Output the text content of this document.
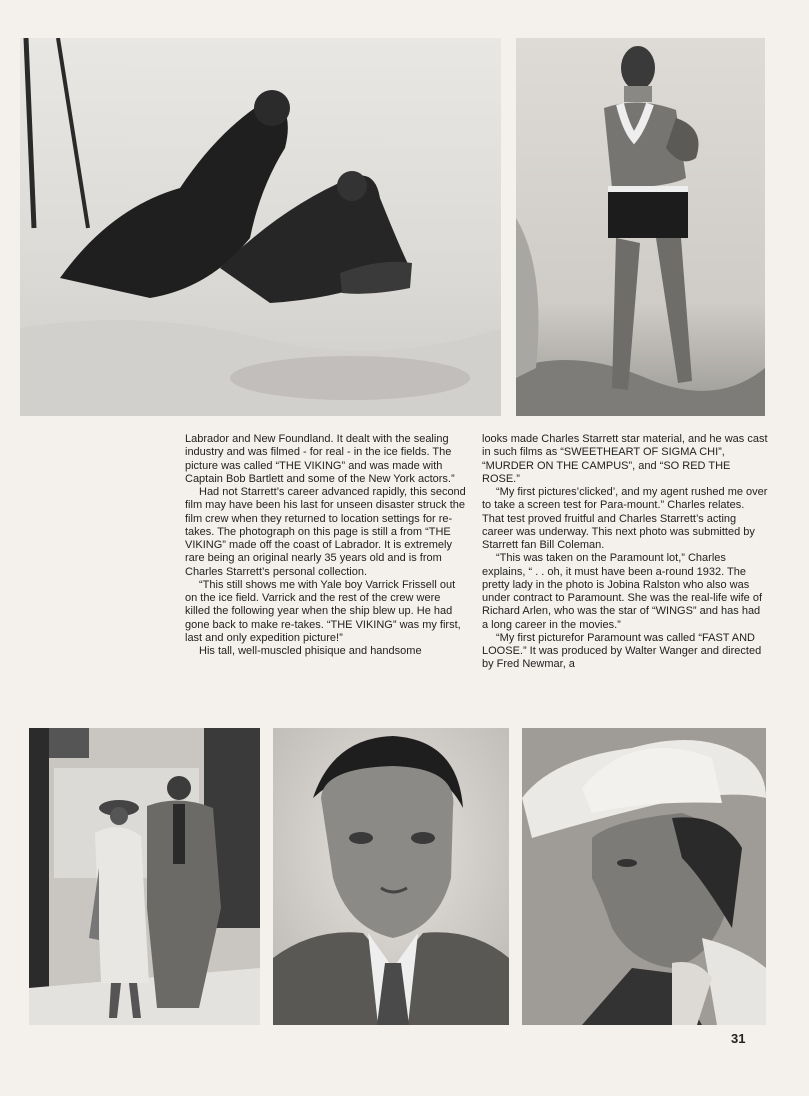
Labrador and New Foundland. It dealt with the sealing industry and was filmed - for real - in the ice fields. The picture was called “THE VIKING” and was made with Captain Bob Bartlett and some of the New York actors.”

Had not Starrett’s career advanced rapidly, this second film may have been his last for unseen disaster struck the film crew when they returned to location settings for re-takes. The photograph on this page is still a from “THE VIKING” made off the coast of Labrador. It is extremely rare being an original nearly 35 years old and is from Charles Starrett’s personal collection.

“This still shows me with Yale boy Varrick Frissell out on the ice field. Varrick and the rest of the crew were killed the following year when the ship blew up. He had gone back to make re-takes. “THE VIKING” was my first, last and only expedition picture!”

His tall, well-muscled phisique and handsome

looks made Charles Starrett star material, and he was cast in such films as “SWEETHEART OF SIGMA CHI”, “MURDER ON THE CAMPUS”, and “SO RED THE ROSE.”

“My first pictures’clicked’, and my agent rushed me over to take a screen test for Para-mount.” Charles relates. That test proved fruitful and Charles Starrett’s acting career was underway. This next photo was submitted by Starrett fan Bill Coleman.

“This was taken on the Paramount lot,” Charles explains, “ . . oh, it must have been a-round 1932. The pretty lady in the photo is Jobina Ralston who also was under contract to Paramount. She was the real-life wife of Richard Arlen, who was the star of “WINGS” and has had a long career in the movies.”

“My first picturefor Paramount was called “FAST AND LOOSE.” It was produced by Walter Wanger and directed by Fred Newmar, a

31
